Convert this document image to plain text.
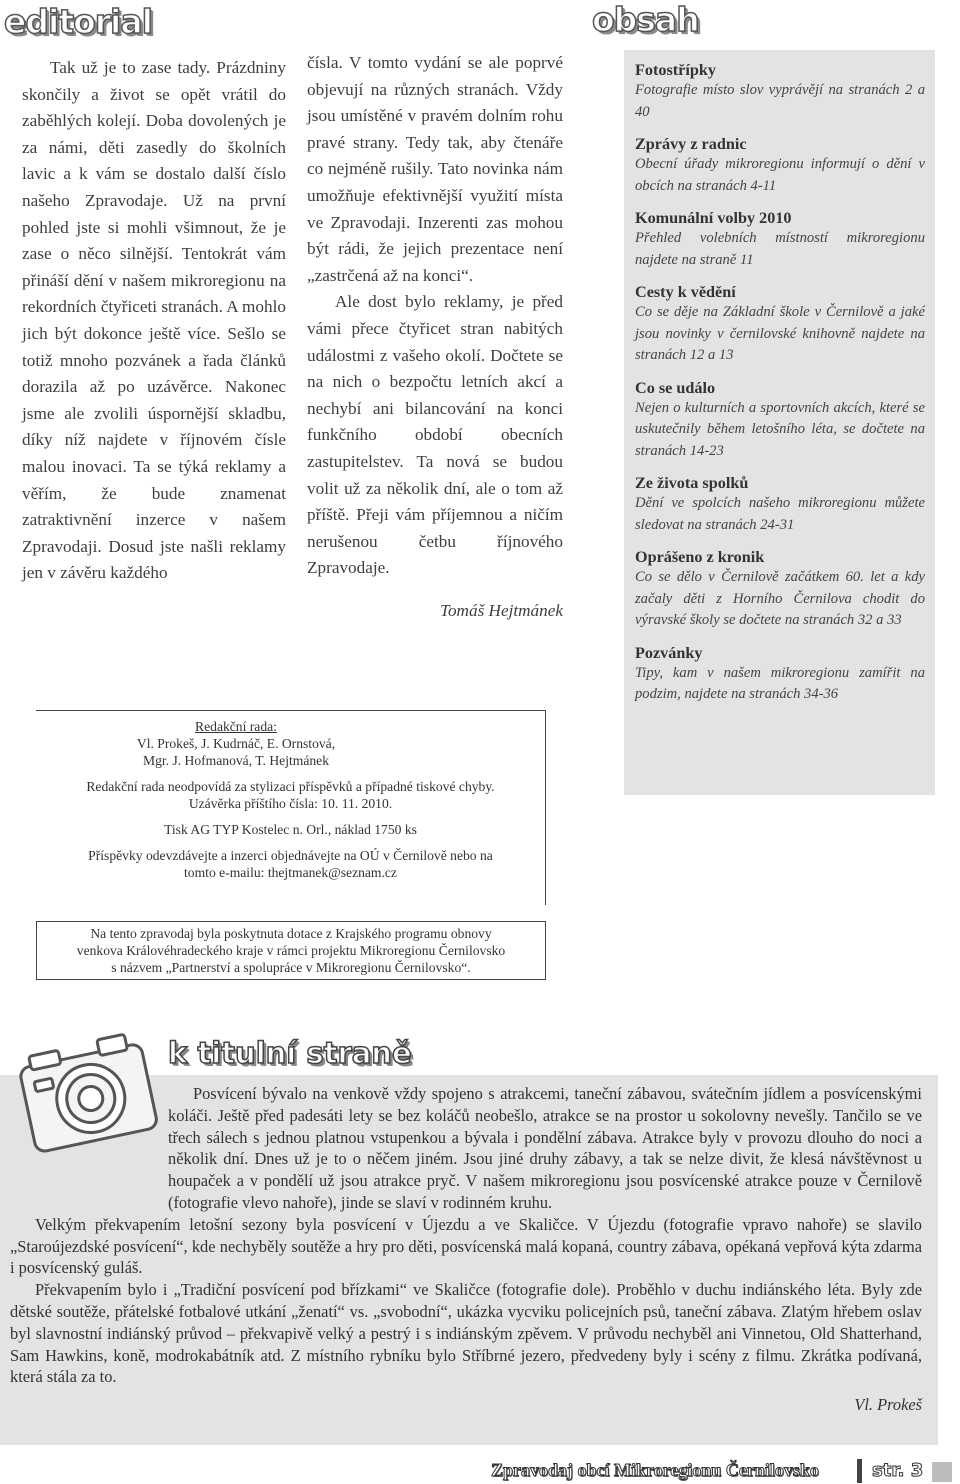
editorial	obsah

Tak už je to zase tady. Prázdniny skončily a život se opět vrátil do zaběhlých kolejí. Doba dovolených je za námi, děti zasedly do školních lavic a k vám se dostalo další číslo našeho Zpravodaje. Už na první pohled jste si mohli všimnout, že je zase o něco silnější. Tentokrát vám přináší dění v našem mikroregionu na rekordních čtyřiceti stranách. A mohlo jich být dokonce ještě více. Sešlo se totiž mnoho pozvánek a řada článků dorazila až po uzávěrce. Nakonec jsme ale zvolili úspornější skladbu, díky níž najdete v říjnovém čísle malou inovaci. Ta se týká reklamy a věřím, že bude znamenat zatraktivnění inzerce v našem Zpravodaji. Dosud jste našli reklamy jen v závěru každého

čísla. V tomto vydání se ale poprvé objevují na různých stranách. Vždy jsou umístěné v pravém dolním rohu pravé strany. Tedy tak, aby čtenáře co nejméně rušily. Tato novinka nám umožňuje efektivnější využití místa ve Zpravodaji. Inzerenti zas mohou být rádi, že jejich prezentace není „zastrčená až na konci“.

Ale dost bylo reklamy, je před vámi přece čtyřicet stran nabitých událostmi z vašeho okolí. Dočtete se na nich o bezpočtu letních akcí a nechybí ani bilancování na konci funkčního období obecních zastupitelstev. Ta nová se budou volit už za několik dní, ale o tom až příště. Přeji vám příjemnou a ničím nerušenou četbu říjnového Zpravodaje.

Tomáš Hejtmánek

Fotostřípky
Fotografie místo slov vyprávějí na stranách 2 a 40
Zprávy z radnic
Obecní úřady mikroregionu informují o dění v obcích na stranách 4-11
Komunální volby 2010
Přehled volebních místností mikroregionu najdete na straně 11
Cesty k vědění
Co se děje na Základní škole v Černilově a jaké jsou novinky v černilovské knihovně najdete na stranách 12 a 13
Co se událo
Nejen o kulturních a sportovních akcích, které se uskutečnily během letošního léta, se dočtete na stranách 14-23
Ze života spolků
Dění ve spolcích našeho mikroregionu můžete sledovat na stranách 24-31
Oprášeno z kronik
Co se dělo v Černilově začátkem 60. let a kdy začaly děti z Horního Černilova chodit do výravské školy se dočtete na stranách 32 a 33
Pozvánky
Tipy, kam v našem mikroregionu zamířit na podzim, najdete na stranách 34-36
Redakční rada:
Vl. Prokeš, J. Kudrnáč, E. Ornstová,
Mgr. J. Hofmanová, T. Hejtmánek
Redakční rada neodpovídá za stylizaci příspěvků a případné tiskové chyby.
Uzávěrka příštího čísla: 10. 11. 2010.
Tisk AG TYP Kostelec n. Orl., náklad 1750 ks
Příspěvky odevzdávejte a inzerci objednávejte na OÚ v Černilově nebo na
tomto e-mailu: thejtmanek@seznam.cz
Na tento zpravodaj byla poskytnuta dotace z Krajského programu obnovy
venkova Královéhradeckého kraje v rámci projektu Mikroregionu Černilovsko
s názvem „Partnerství a spolupráce v Mikroregionu Černilovsko“.
k titulní straně

Posvícení bývalo na venkově vždy spojeno s atrakcemi, taneční zábavou, svátečním jídlem a posvícenskými koláči. Ještě před padesáti lety se bez koláčů neobešlo, atrakce se na prostor u sokolovny nevešly. Tančilo se ve třech sálech s jednou platnou vstupenkou a bývala i pondělní zábava. Atrakce byly v provozu dlouho do noci a několik dní. Dnes už je to o něčem jiném. Jsou jiné druhy zábavy, a tak se nelze divit, že klesá návštěvnost u houpaček a v pondělí už jsou atrakce pryč. V našem mikroregionu jsou posvícenské atrakce pouze v Černilově (fotografie vlevo nahoře), jinde se slaví v rodinném kruhu.

Velkým překvapením letošní sezony byla posvícení v Újezdu a ve Skaličce. V Újezdu (fotografie vpravo nahoře) se slavilo „Staroújezdské posvícení“, kde nechyběly soutěže a hry pro děti, posvícenská malá kopaná, country zábava, opékaná vepřová kýta zdarma i posvícenský guláš.

Překvapením bylo i „Tradiční posvícení pod břízkami“ ve Skaličce (fotografie dole). Proběhlo v duchu indiánského léta. Byly zde dětské soutěže, přátelské fotbalové utkání „ženatí“ vs. „svobodní“, ukázka vycviku policejních psů, taneční zábava. Zlatým hřebem oslav byl slavnostní indiánský průvod – překvapivě velký a pestrý i s indiánským zpěvem. V průvodu nechyběl ani Vinnetou, Old Shatterhand, Sam Hawkins, koně, modrokabátník atd. Z místního rybníku bylo Stříbrné jezero, předvedeny byly i scény z filmu. Zkrátka podívaná, která stála za to.

Vl. Prokeš

Zpravodaj obcí Mikroregionu Černilovsko	str. 3
